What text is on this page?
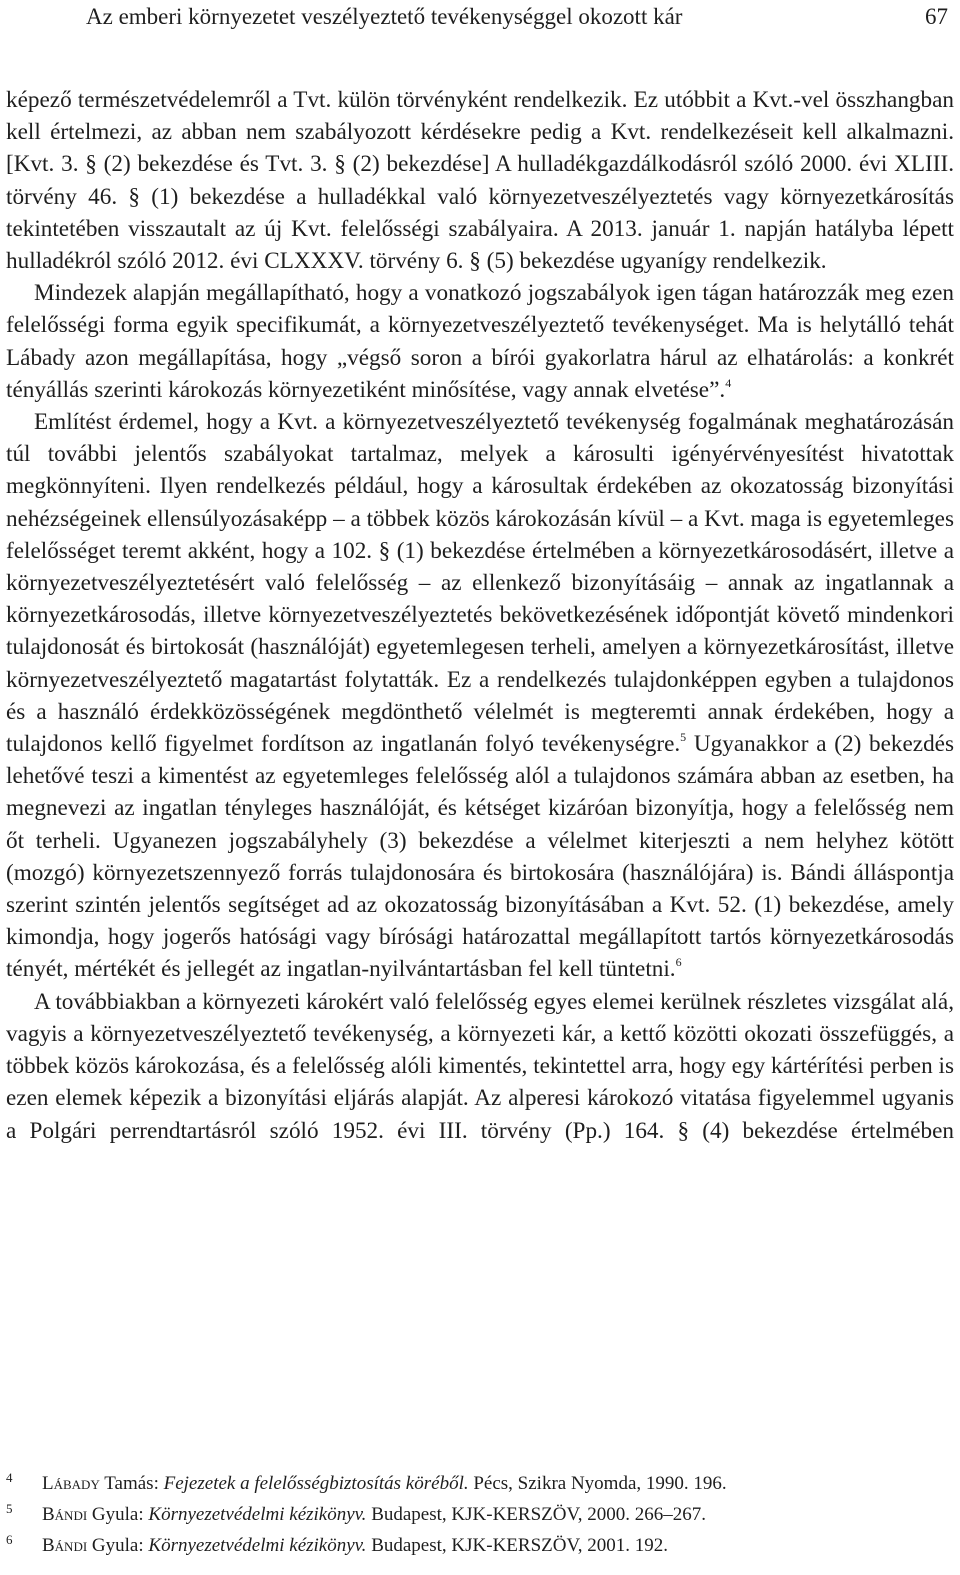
Az emberi környezetet veszélyeztető tevékenységgel okozott kár	67

képező természetvédelemről a Tvt. külön törvényként rendelkezik. Ez utóbbit a Kvt.-vel összhangban kell értelmezi, az abban nem szabályozott kérdésekre pedig a Kvt. rendelkezéseit kell alkalmazni. [Kvt. 3. § (2) bekezdése és Tvt. 3. § (2) bekezdése] A hulladékgazdálkodásról szóló 2000. évi XLIII. törvény 46. § (1) bekezdése a hulladékkal való környezetveszélyeztetés vagy környezetkárosítás tekintetében visszautalt az új Kvt. felelősségi szabályaira. A 2013. január 1. napján hatályba lépett hulladékról szóló 2012. évi CLXXXV. törvény 6. § (5) bekezdése ugyanígy rendelkezik.

Mindezek alapján megállapítható, hogy a vonatkozó jogszabályok igen tágan határozzák meg ezen felelősségi forma egyik specifikumát, a környezetveszélyeztető tevékenységet. Ma is helytálló tehát Lábady azon megállapítása, hogy „végső soron a bírói gyakorlatra hárul az elhatárolás: a konkrét tényállás szerinti károkozás környezetiként minősítése, vagy annak elvetése”.$^4$

Említést érdemel, hogy a Kvt. a környezetveszélyeztető tevékenység fogalmának meghatározásán túl további jelentős szabályokat tartalmaz, melyek a károsulti igényérvényesítést hivatottak megkönnyíteni. Ilyen rendelkezés például, hogy a károsultak érdekében az okozatosság bizonyítási nehézségeinek ellensúlyozásaképp – a többek közös károkozásán kívül – a Kvt. maga is egyetemleges felelősséget teremt akként, hogy a 102. § (1) bekezdése értelmében a környezetkárosodásért, illetve a környezetveszélyeztetésért való felelősség – az ellenkező bizonyításáig – annak az ingatlannak a környezetkárosodás, illetve környezetveszélyeztetés bekövetkezésének időpontját követő mindenkori tulajdonosát és birtokosát (használóját) egyetemlegesen terheli, amelyen a környezetkárosítást, illetve környezetveszélyeztető magatartást folytatták. Ez a rendelkezés tulajdonképpen egyben a tulajdonos és a használó érdekközösségének megdönthető vélelmét is megteremti annak érdekében, hogy a tulajdonos kellő figyelmet fordítson az ingatlanán folyó tevékenységre.$^5$ Ugyanakkor a (2) bekezdés lehetővé teszi a kimentést az egyetemleges felelősség alól a tulajdonos számára abban az esetben, ha megnevezi az ingatlan tényleges használóját, és kétséget kizáróan bizonyítja, hogy a felelősség nem őt terheli. Ugyanezen jogszabályhely (3) bekezdése a vélelmet kiterjeszti a nem helyhez kötött (mozgó) környezetszennyező forrás tulajdonosára és birtokosára (használójára) is. Bándi álláspontja szerint szintén jelentős segítséget ad az okozatosság bizonyításában a Kvt. 52. (1) bekezdése, amely kimondja, hogy jogerős hatósági vagy bírósági határozattal megállapított tartós környezetkárosodás tényét, mértékét és jellegét az ingatlan-nyilvántartásban fel kell tüntetni.$^6$

A továbbiakban a környezeti károkért való felelősség egyes elemei kerülnek részletes vizsgálat alá, vagyis a környezetveszélyeztető tevékenység, a környezeti kár, a kettő közötti okozati összefüggés, a többek közös károkozása, és a felelősség alóli kimentés, tekintettel arra, hogy egy kártérítési perben is ezen elemek képezik a bizonyítási eljárás alapját. Az alperesi károkozó vitatása figyelemmel ugyanis a Polgári perrendtartásról szóló 1952. évi III. törvény (Pp.) 164. § (4) bekezdése értelmében

4 Lábady Tamás: Fejezetek a felelősségbiztosítás köréből. Pécs, Szikra Nyomda, 1990. 196.
5 Bándi Gyula: Környezetvédelmi kézikönyv. Budapest, KJK-KERSZÖV, 2000. 266–267.
6 Bándi Gyula: Környezetvédelmi kézikönyv. Budapest, KJK-KERSZÖV, 2001. 192.
